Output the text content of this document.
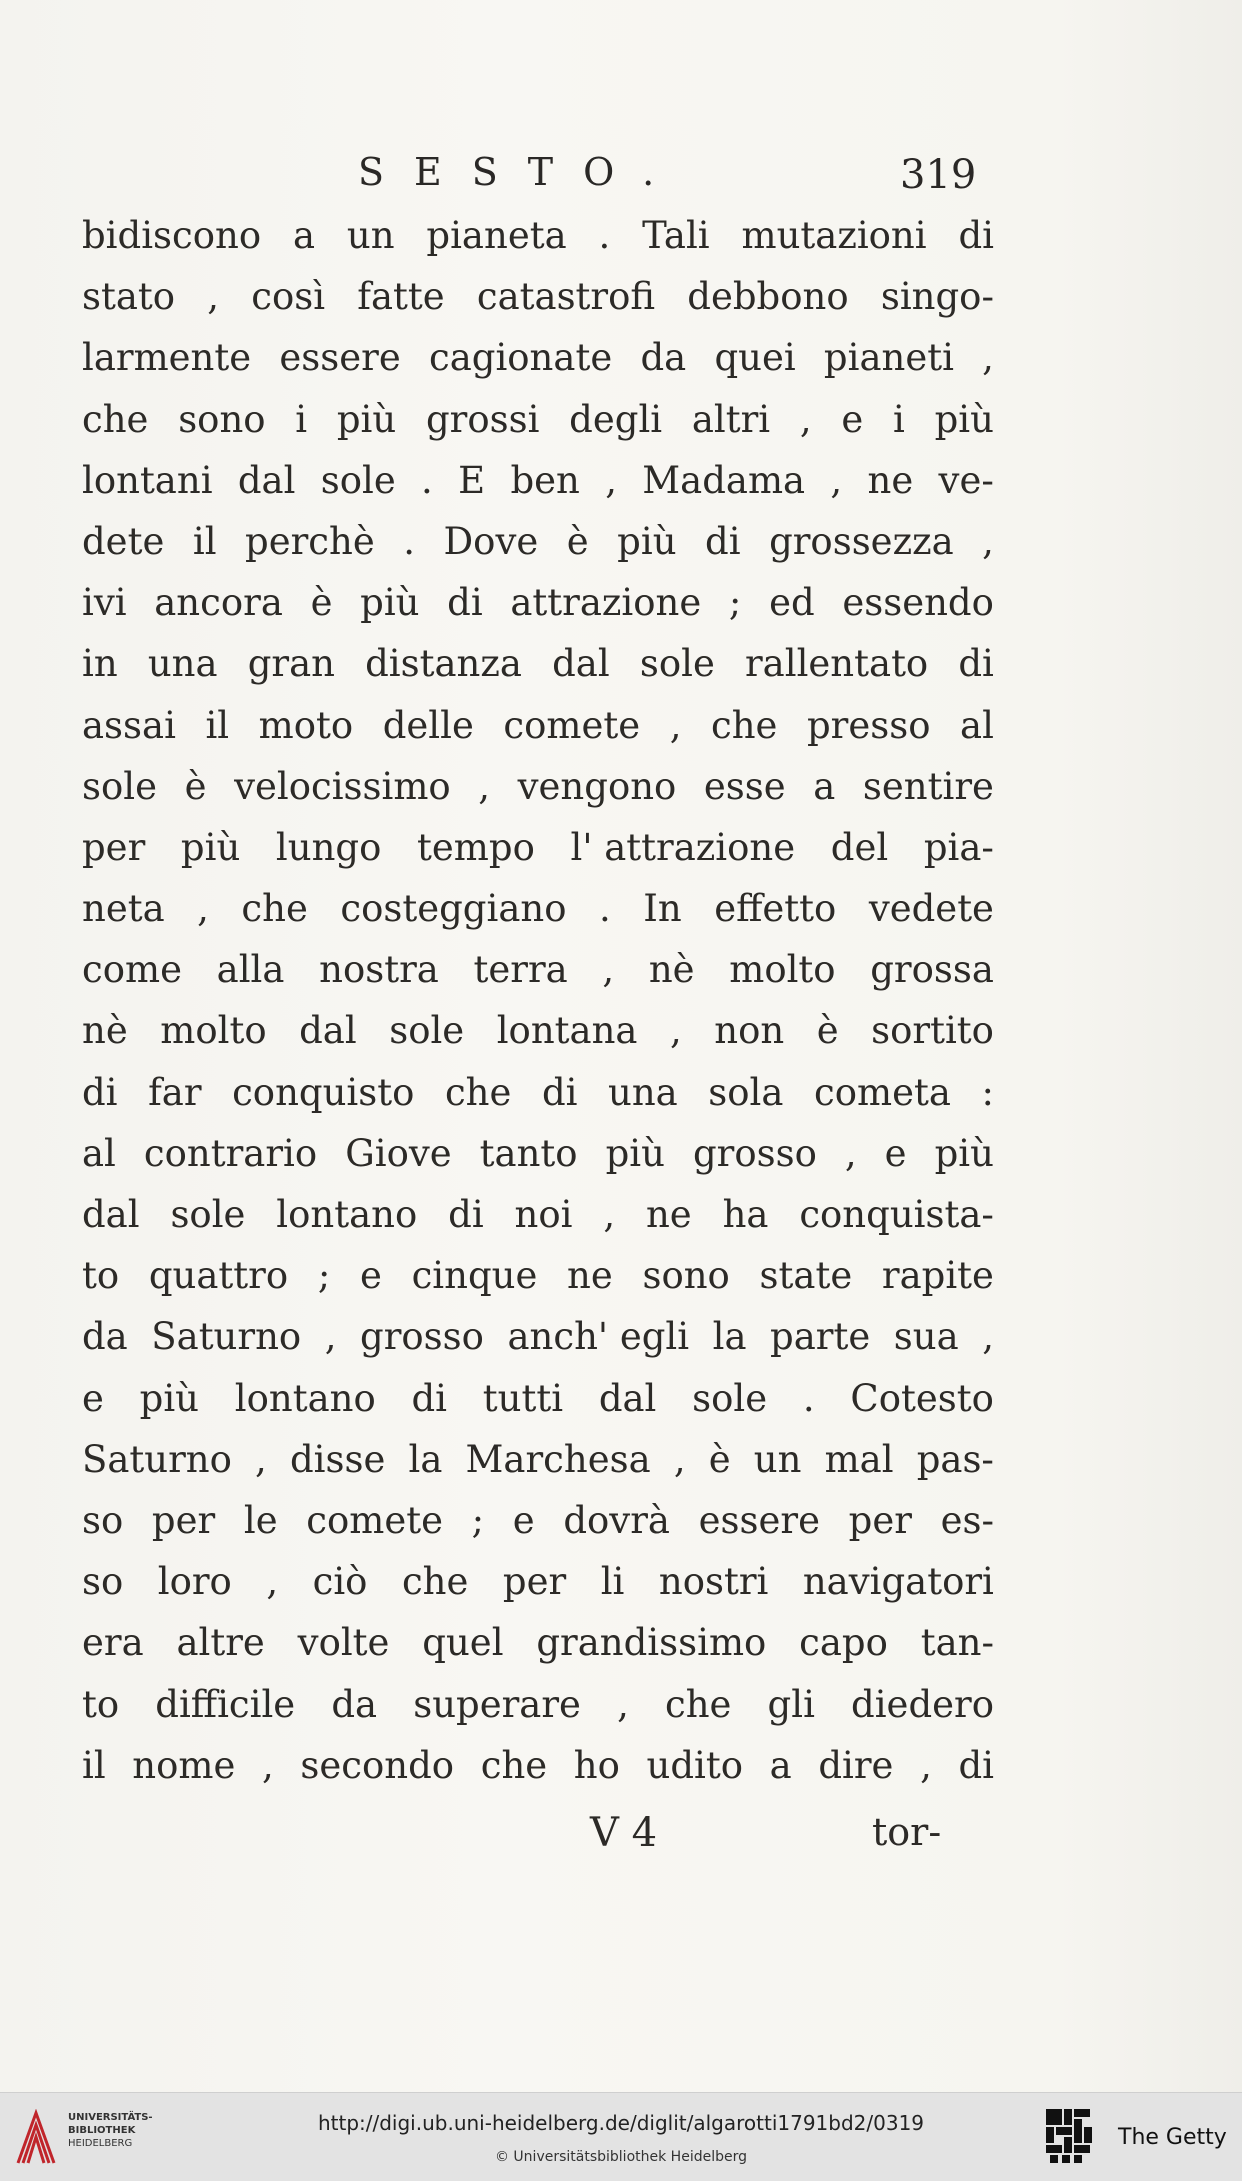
SESTO.	319
bidiscono a un pianeta . Tali mutazioni di
stato , così fatte catastrofi debbono singo-
larmente essere cagionate da quei pianeti ,
che sono i più grossi degli altri , e i più
lontani dal sole . E ben , Madama , ne ve-
dete il perchè . Dove è più di grossezza ,
ivi ancora è più di attrazione ; ed essendo
in una gran distanza dal sole rallentato di
assai il moto delle comete , che presso al
sole è velocissimo , vengono esse a sentire
per più lungo tempo l' attrazione del pia-
neta , che costeggiano . In effetto vedete
come alla nostra terra , nè molto grossa
nè molto dal sole lontana , non è sortito
di far conquisto che di una sola cometa :
al contrario Giove tanto più grosso , e più
dal sole lontano di noi , ne ha conquista-
to quattro ; e cinque ne sono state rapite
da Saturno , grosso anch' egli la parte sua ,
e più lontano di tutti dal sole . Cotesto
Saturno , disse la Marchesa , è un mal pas-
so per le comete ; e dovrà essere per es-
so loro , ciò che per li nostri navigatori
era altre volte quel grandissimo capo tan-
to difficile da superare , che gli diedero
il nome , secondo che ho udito a dire , di
V 4	tor-
UNIVERSITÄTS-
BIBLIOTHEK
HEIDELBERG
http://digi.ub.uni-heidelberg.de/diglit/algarotti1791bd2/0319
© Universitätsbibliothek Heidelberg
The Getty
